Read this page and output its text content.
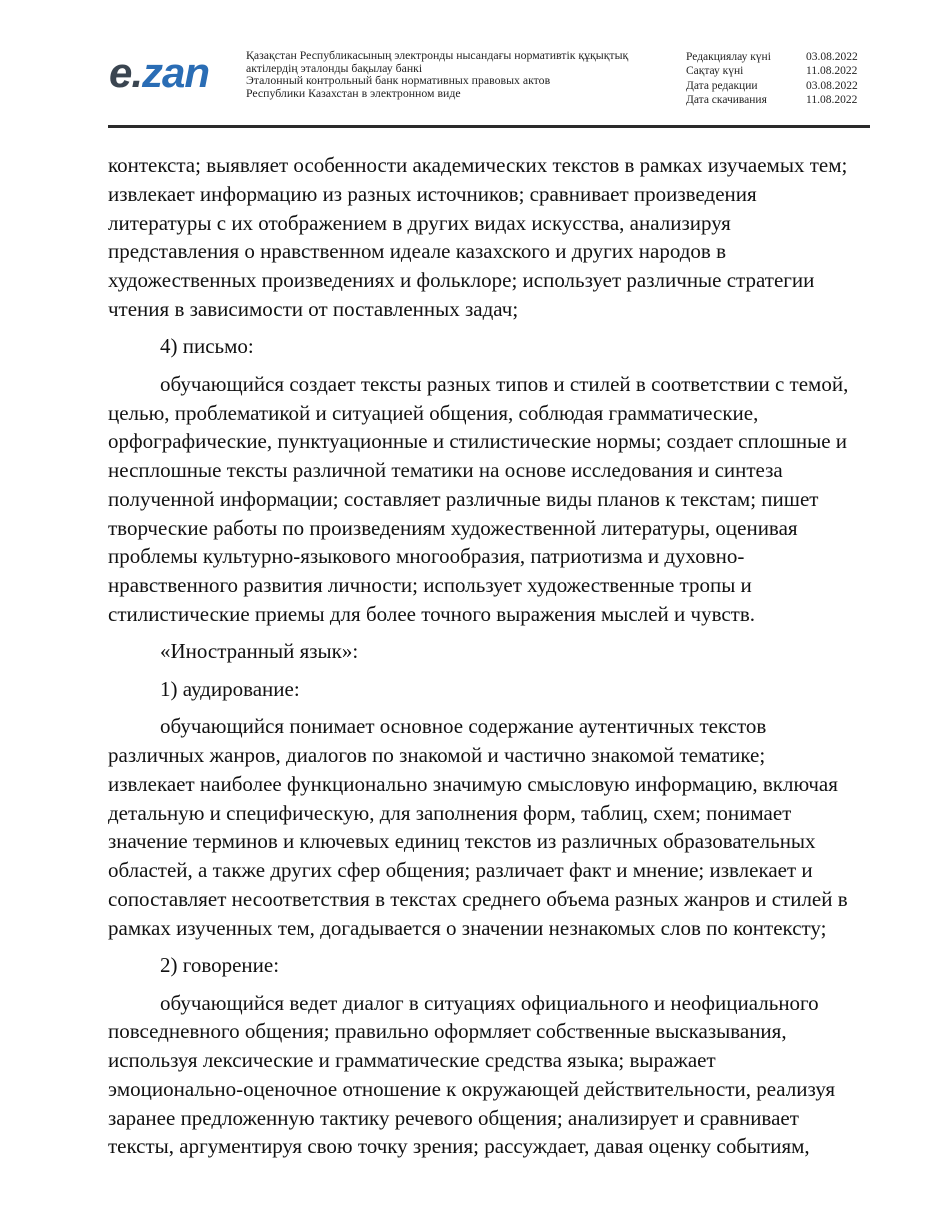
e.zan	Қазақстан Республикасының электронды нысандағы нормативтік құқықтық
актілердің эталонды бақылау банкі
Эталонный контрольный банк нормативных правовых актов
Республики Казахстан в электронном виде
Редакциялау күні	03.08.2022
Сақтау күні	11.08.2022
Дата редакции	03.08.2022
Дата скачивания	11.08.2022
контекста; выявляет особенности академических текстов в рамках изучаемых тем;
извлекает информацию из разных источников; сравнивает произведения
литературы с их отображением в других видах искусства, анализируя
представления о нравственном идеале казахского и других народов в
художественных произведениях и фольклоре; использует различные стратегии
чтения в зависимости от поставленных задач;
4) письмо:
обучающийся создает тексты разных типов и стилей в соответствии с темой,
целью, проблематикой и ситуацией общения, соблюдая грамматические,
орфографические, пунктуационные и стилистические нормы; создает сплошные и
несплошные тексты различной тематики на основе исследования и синтеза
полученной информации; составляет различные виды планов к текстам; пишет
творческие работы по произведениям художественной литературы, оценивая
проблемы культурно-языкового многообразия, патриотизма и духовно-
нравственного развития личности; использует художественные тропы и
стилистические приемы для более точного выражения мыслей и чувств.
«Иностранный язык»:
1) аудирование:
обучающийся понимает основное содержание аутентичных текстов
различных жанров, диалогов по знакомой и частично знакомой тематике;
извлекает наиболее функционально значимую смысловую информацию, включая
детальную и специфическую, для заполнения форм, таблиц, схем; понимает
значение терминов и ключевых единиц текстов из различных образовательных
областей, а также других сфер общения; различает факт и мнение; извлекает и
сопоставляет несоответствия в текстах среднего объема разных жанров и стилей в
рамках изученных тем, догадывается о значении незнакомых слов по контексту;
2) говорение:
обучающийся ведет диалог в ситуациях официального и неофициального
повседневного общения; правильно оформляет собственные высказывания,
используя лексические и грамматические средства языка; выражает
эмоционально-оценочное отношение к окружающей действительности, реализуя
заранее предложенную тактику речевого общения; анализирует и сравнивает
тексты, аргументируя свою точку зрения; рассуждает, давая оценку событиям,
